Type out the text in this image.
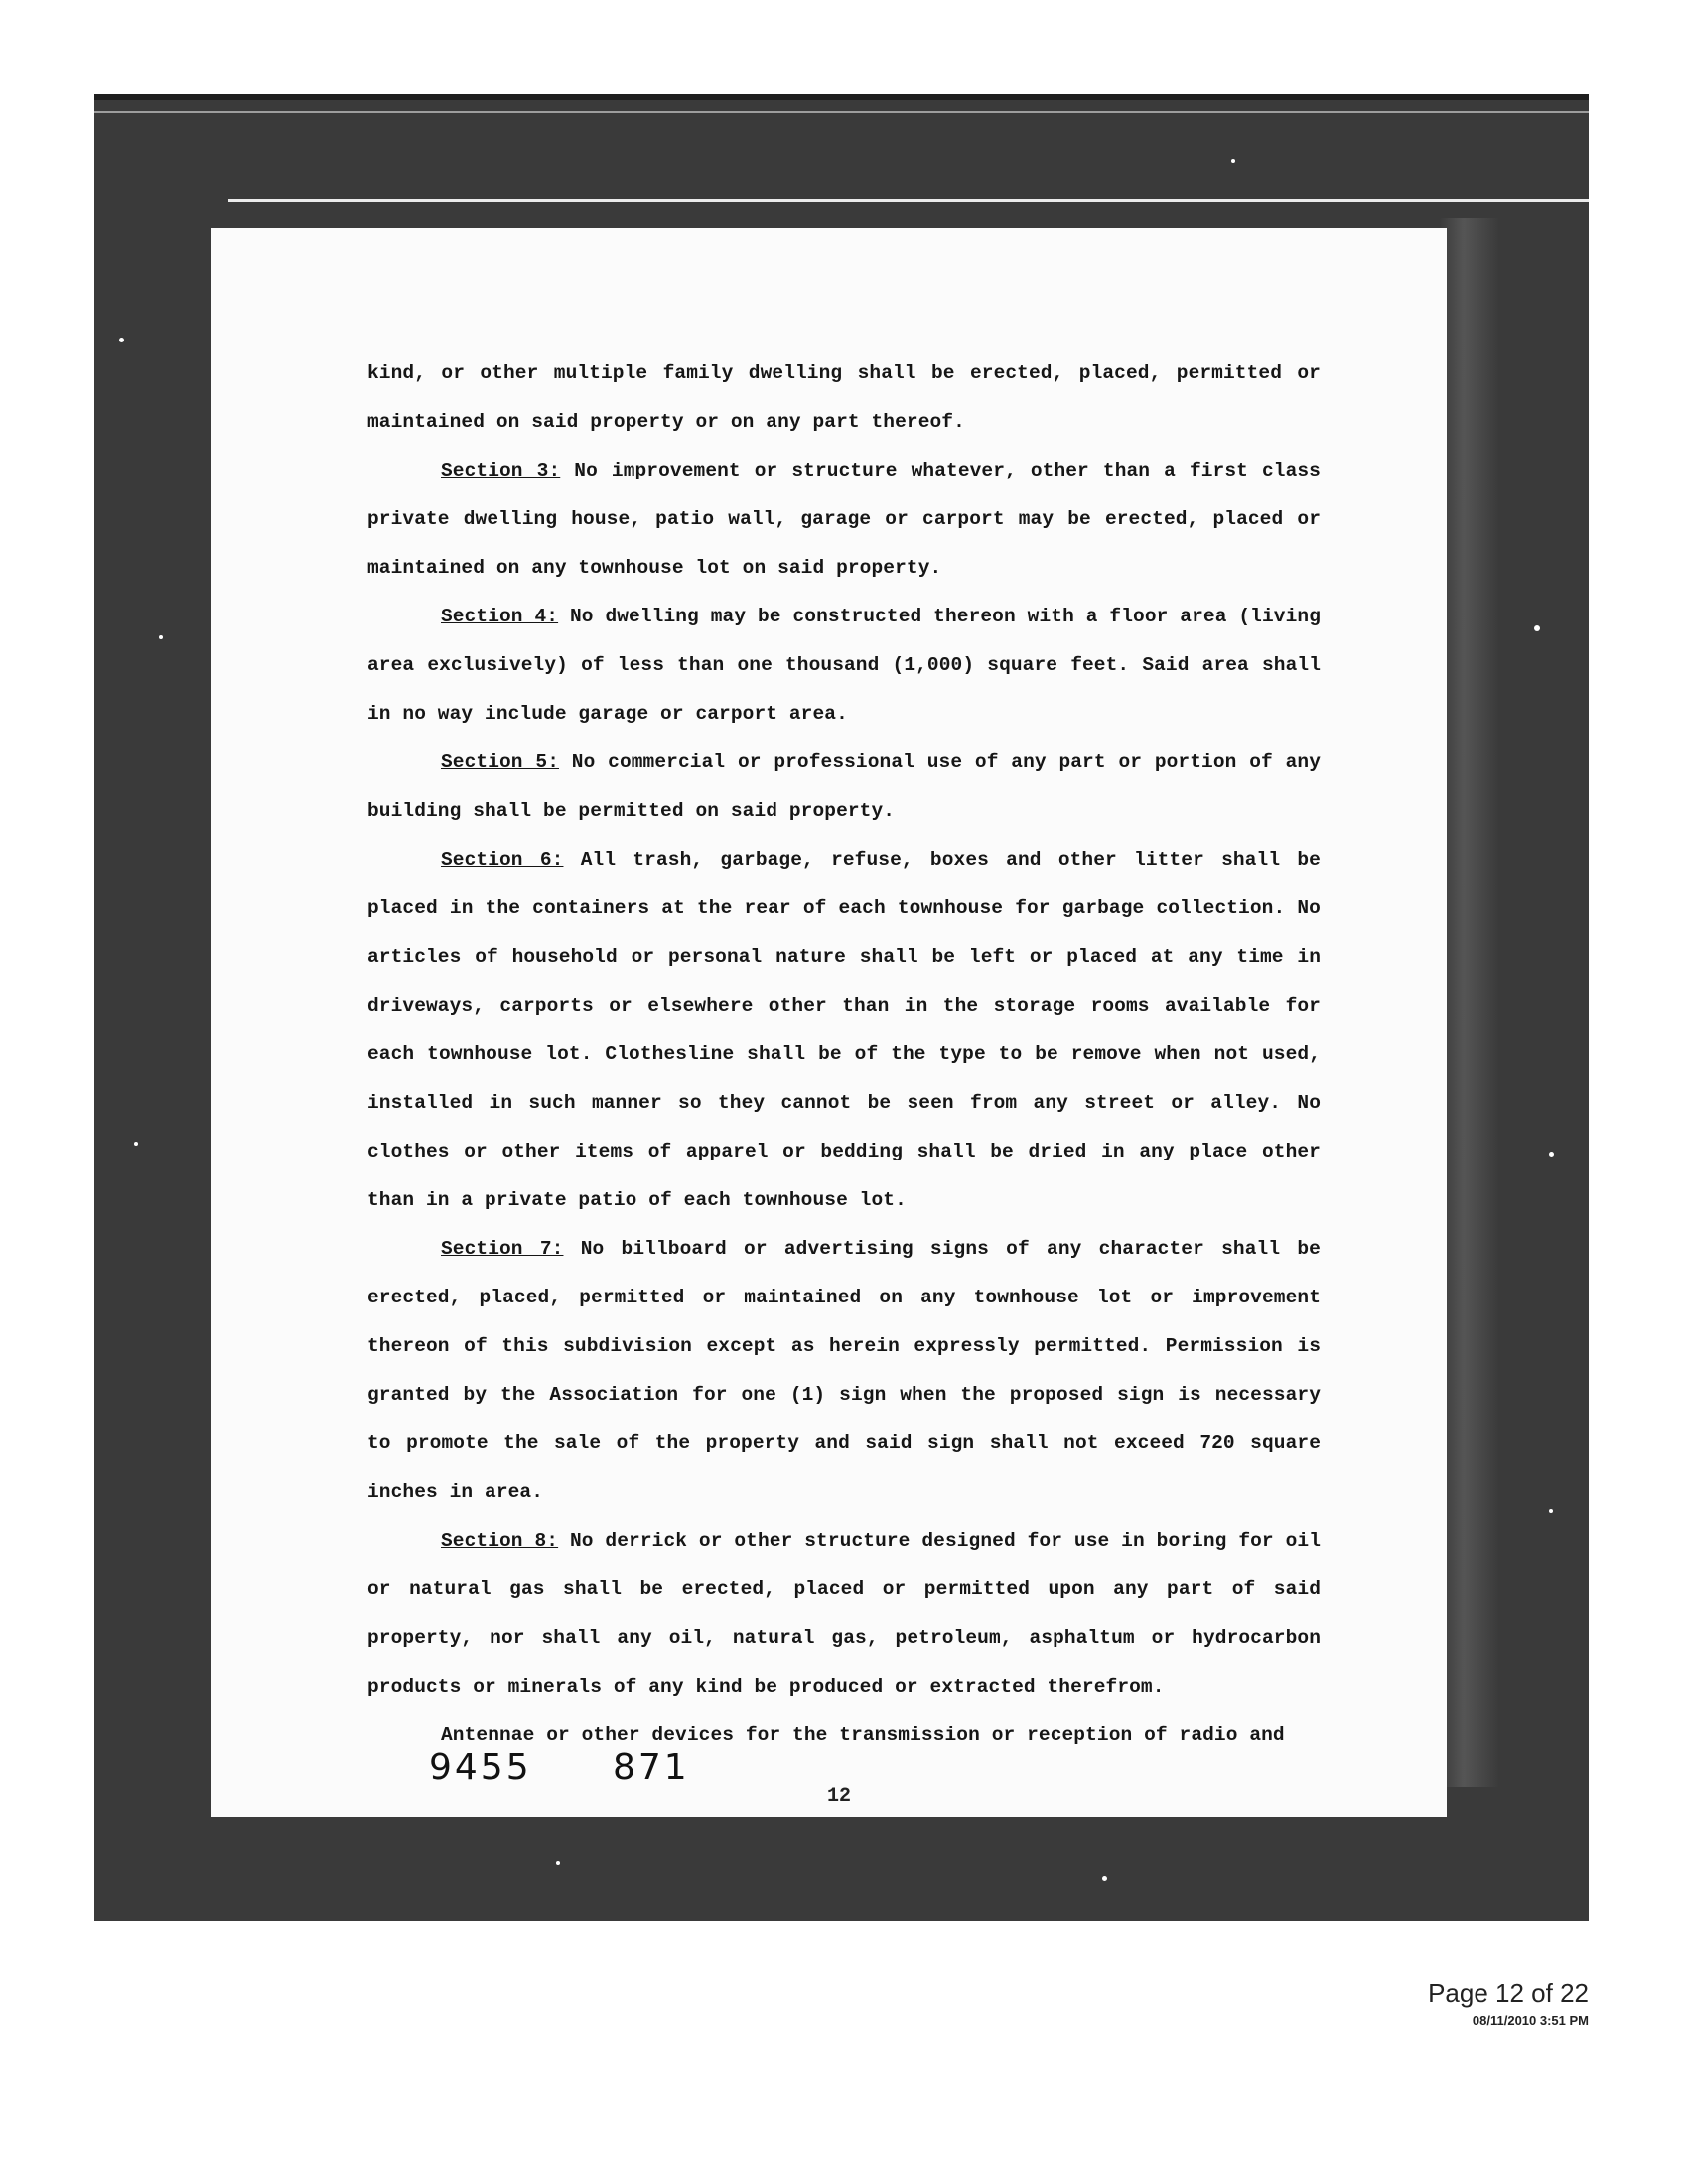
kind, or other multiple family dwelling shall be erected, placed, permitted or maintained on said property or on any part thereof.

Section 3: No improvement or structure whatever, other than a first class private dwelling house, patio wall, garage or carport may be erected, placed or maintained on any townhouse lot on said property.

Section 4: No dwelling may be constructed thereon with a floor area (living area exclusively) of less than one thousand (1,000) square feet. Said area shall in no way include garage or carport area.

Section 5: No commercial or professional use of any part or portion of any building shall be permitted on said property.

Section 6: All trash, garbage, refuse, boxes and other litter shall be placed in the containers at the rear of each townhouse for garbage collection. No articles of household or personal nature shall be left or placed at any time in driveways, carports or elsewhere other than in the storage rooms available for each townhouse lot. Clothesline shall be of the type to be remove when not used, installed in such manner so they cannot be seen from any street or alley. No clothes or other items of apparel or bedding shall be dried in any place other than in a private patio of each townhouse lot.

Section 7: No billboard or advertising signs of any character shall be erected, placed, permitted or maintained on any townhouse lot or improvement thereon of this subdivision except as herein expressly permitted. Permission is granted by the Association for one (1) sign when the proposed sign is necessary to promote the sale of the property and said sign shall not exceed 720 square inches in area.

Section 8: No derrick or other structure designed for use in boring for oil or natural gas shall be erected, placed or permitted upon any part of said property, nor shall any oil, natural gas, petroleum, asphaltum or hydrocarbon products or minerals of any kind be produced or extracted therefrom.

Antennae or other devices for the transmission or reception of radio and

9455 871
12
Page 12 of 22
08/11/2010 3:51 PM
